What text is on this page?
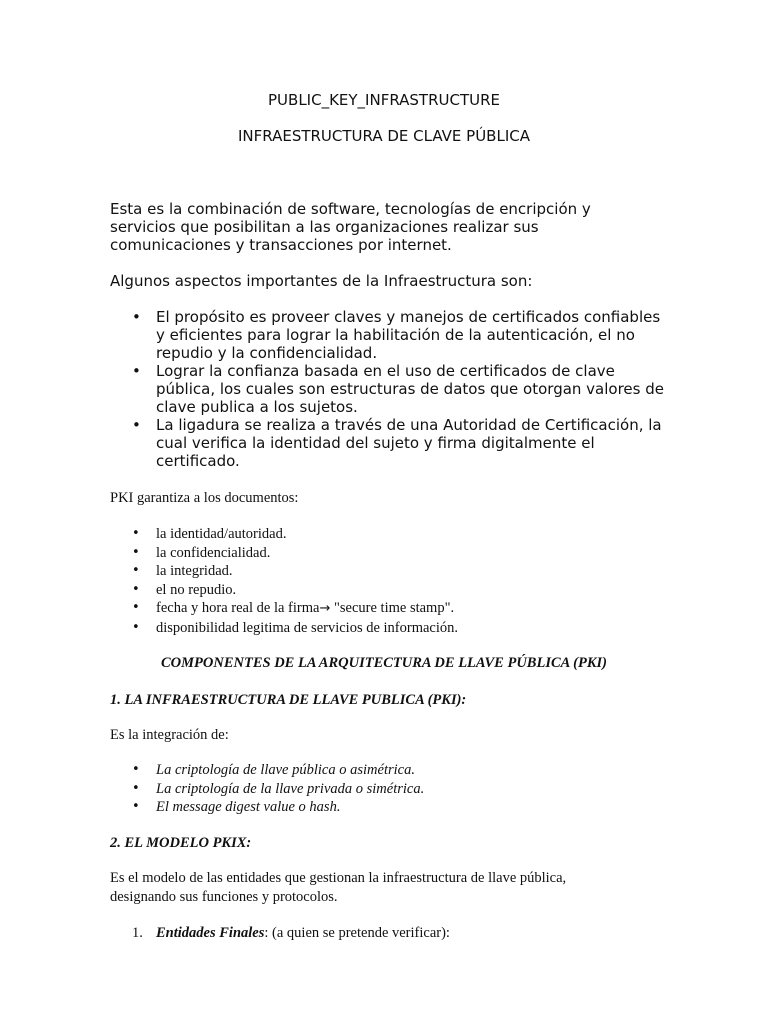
PUBLIC_KEY_INFRASTRUCTURE

INFRAESTRUCTURA DE CLAVE PÚBLICA

Esta es la combinación de software, tecnologías de encripción y servicios que posibilitan a las organizaciones realizar sus comunicaciones y transacciones por internet.

Algunos aspectos importantes de la Infraestructura son:

• El propósito es proveer claves y manejos de certificados confiables y eficientes para lograr la habilitación de la autenticación, el no repudio y la confidencialidad.
• Lograr la confianza basada en el uso de certificados de clave pública, los cuales son estructuras de datos que otorgan valores de clave publica a los sujetos.
• La ligadura se realiza a través de una Autoridad de Certificación, la cual verifica la identidad del sujeto y firma digitalmente el certificado.

PKI garantiza a los documentos:

• la identidad/autoridad.
• la confidencialidad.
• la integridad.
• el no repudio.
• fecha y hora real de la firma→ "secure time stamp".
• disponibilidad legitima de servicios de información.

COMPONENTES DE LA ARQUITECTURA DE LLAVE PÚBLICA (PKI)

1. LA INFRAESTRUCTURA DE LLAVE PUBLICA (PKI):

Es la integración de:

• La criptología de llave pública o asimétrica.
• La criptología de la llave privada o simétrica.
• El message digest value o hash.

2. EL MODELO PKIX:

Es el modelo de las entidades que gestionan la infraestructura de llave pública, designando sus funciones y protocolos.

1. Entidades Finales: (a quien se pretende verificar):
